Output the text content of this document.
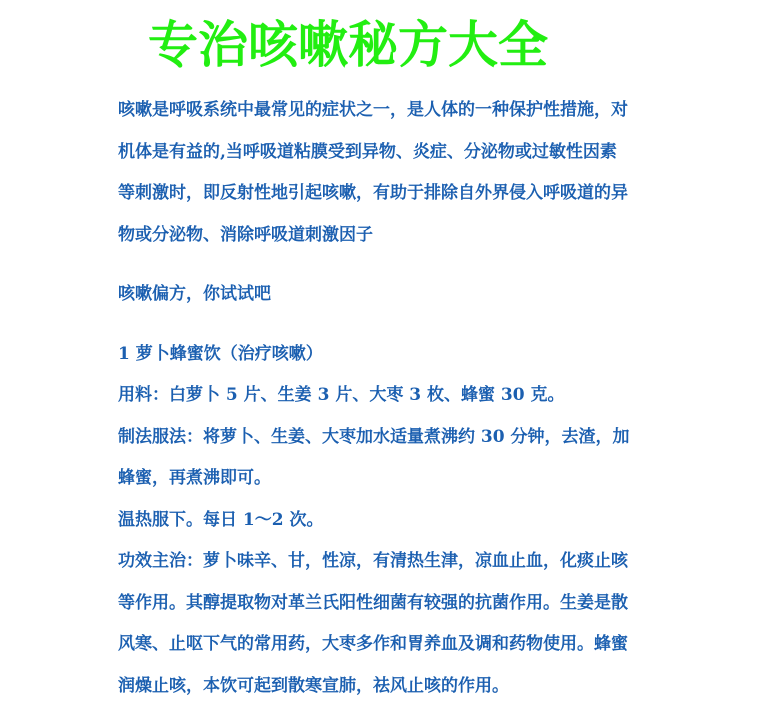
专治咳嗽秘方大全
咳嗽是呼吸系统中最常见的症状之一，是人体的一种保护性措施，对
机体是有益的,当呼吸道粘膜受到异物、炎症、分泌物或过敏性因素
等刺激时，即反射性地引起咳嗽，有助于排除自外界侵入呼吸道的异
物或分泌物、消除呼吸道刺激因子
咳嗽偏方，你试试吧
1 萝卜蜂蜜饮（治疗咳嗽）
用料：白萝卜 5 片、生姜 3 片、大枣 3 枚、蜂蜜 30 克。
制法服法：将萝卜、生姜、大枣加水适量煮沸约 30 分钟，去渣，加
蜂蜜，再煮沸即可。
温热服下。每日 1～2 次。
功效主治：萝卜味辛、甘，性凉，有清热生津，凉血止血，化痰止咳
等作用。其醇提取物对革兰氏阳性细菌有较强的抗菌作用。生姜是散
风寒、止呕下气的常用药，大枣多作和胃养血及调和药物使用。蜂蜜
润燥止咳，本饮可起到散寒宣肺，祛风止咳的作用。
